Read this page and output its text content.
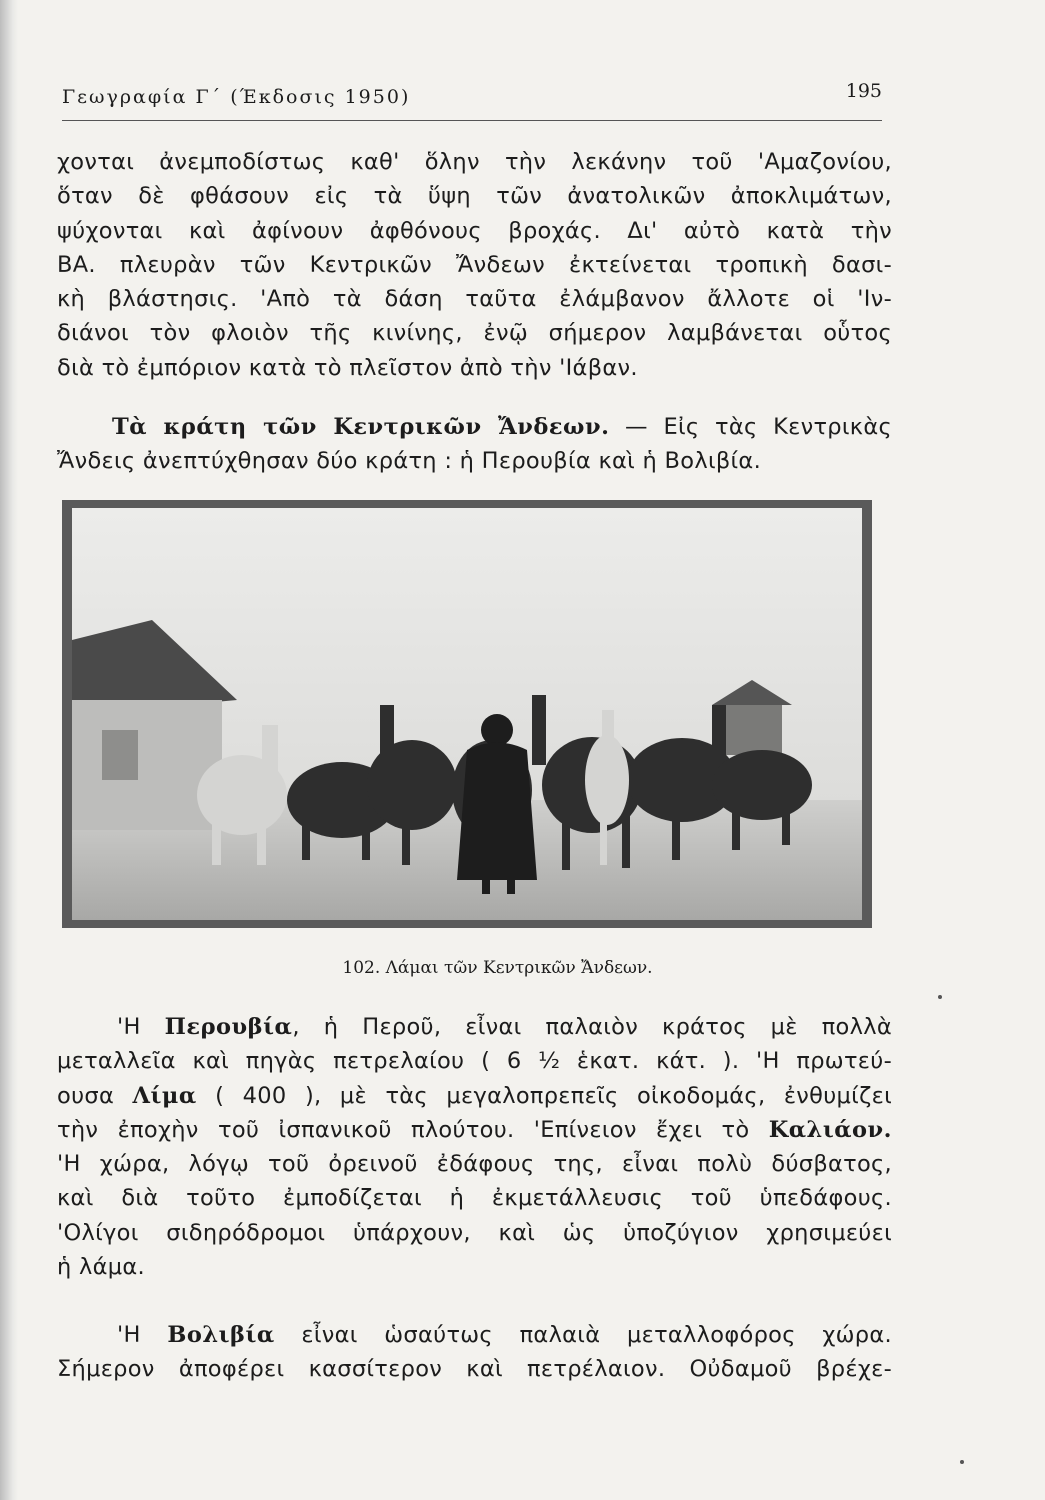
Γεωγραφία Γ΄ (Έκδοσις 1950)	195
χονται ἀνεμποδίστως καθ' ὅλην τὴν λεκάνην τοῦ 'Αμαζονίου,
ὅταν δὲ φθάσουν εἰς τὰ ὕψη τῶν ἀνατολικῶν ἀποκλιμάτων,
ψύχονται καὶ ἀφίνουν ἀφθόνους βροχάς. Δι' αὐτὸ κατὰ τὴν
ΒΑ. πλευρὰν τῶν Κεντρικῶν Ἄνδεων ἐκτείνεται τροπικὴ δασι-
κὴ βλάστησις. 'Απὸ τὰ δάση ταῦτα ἐλάμβανον ἄλλοτε οἱ 'Ιν-
διάνοι τὸν φλοιὸν τῆς κινίνης, ἐνῷ σήμερον λαμβάνεται οὗτος
διὰ τὸ ἐμπόριον κατὰ τὸ πλεῖστον ἀπὸ τὴν 'Ιάβαν.
Τὰ κράτη τῶν Κεντρικῶν Ἄνδεων. — Εἰς τὰς Κεντρικὰς
Ἄνδεις ἀνεπτύχθησαν δύο κράτη : ἡ Περουβία καὶ ἡ Βολιβία.
102. Λάμαι τῶν Κεντρικῶν Ἄνδεων.
'Η Περουβία, ἡ Περοῦ, εἶναι παλαιὸν κράτος μὲ πολλὰ
μεταλλεῖα καὶ πηγὰς πετρελαίου ( 6 ½ ἑκατ. κάτ. ). 'Η πρωτεύ-
ουσα Λίμα ( 400 ), μὲ τὰς μεγαλοπρεπεῖς οἰκοδομάς, ἐνθυμίζει
τὴν ἐποχὴν τοῦ ἰσπανικοῦ πλούτου. 'Επίνειον ἔχει τὸ Καλιάον.
'Η χώρα, λόγῳ τοῦ ὀρεινοῦ ἐδάφους της, εἶναι πολὺ δύσβατος,
καὶ διὰ τοῦτο ἐμποδίζεται ἡ ἐκμετάλλευσις τοῦ ὑπεδάφους.
'Ολίγοι σιδηρόδρομοι ὑπάρχουν, καὶ ὡς ὑποζύγιον χρησιμεύει
ἡ λάμα.
'Η Βολιβία εἶναι ὡσαύτως παλαιὰ μεταλλοφόρος χώρα.
Σήμερον ἀποφέρει κασσίτερον καὶ πετρέλαιον. Οὐδαμοῦ βρέχε-
